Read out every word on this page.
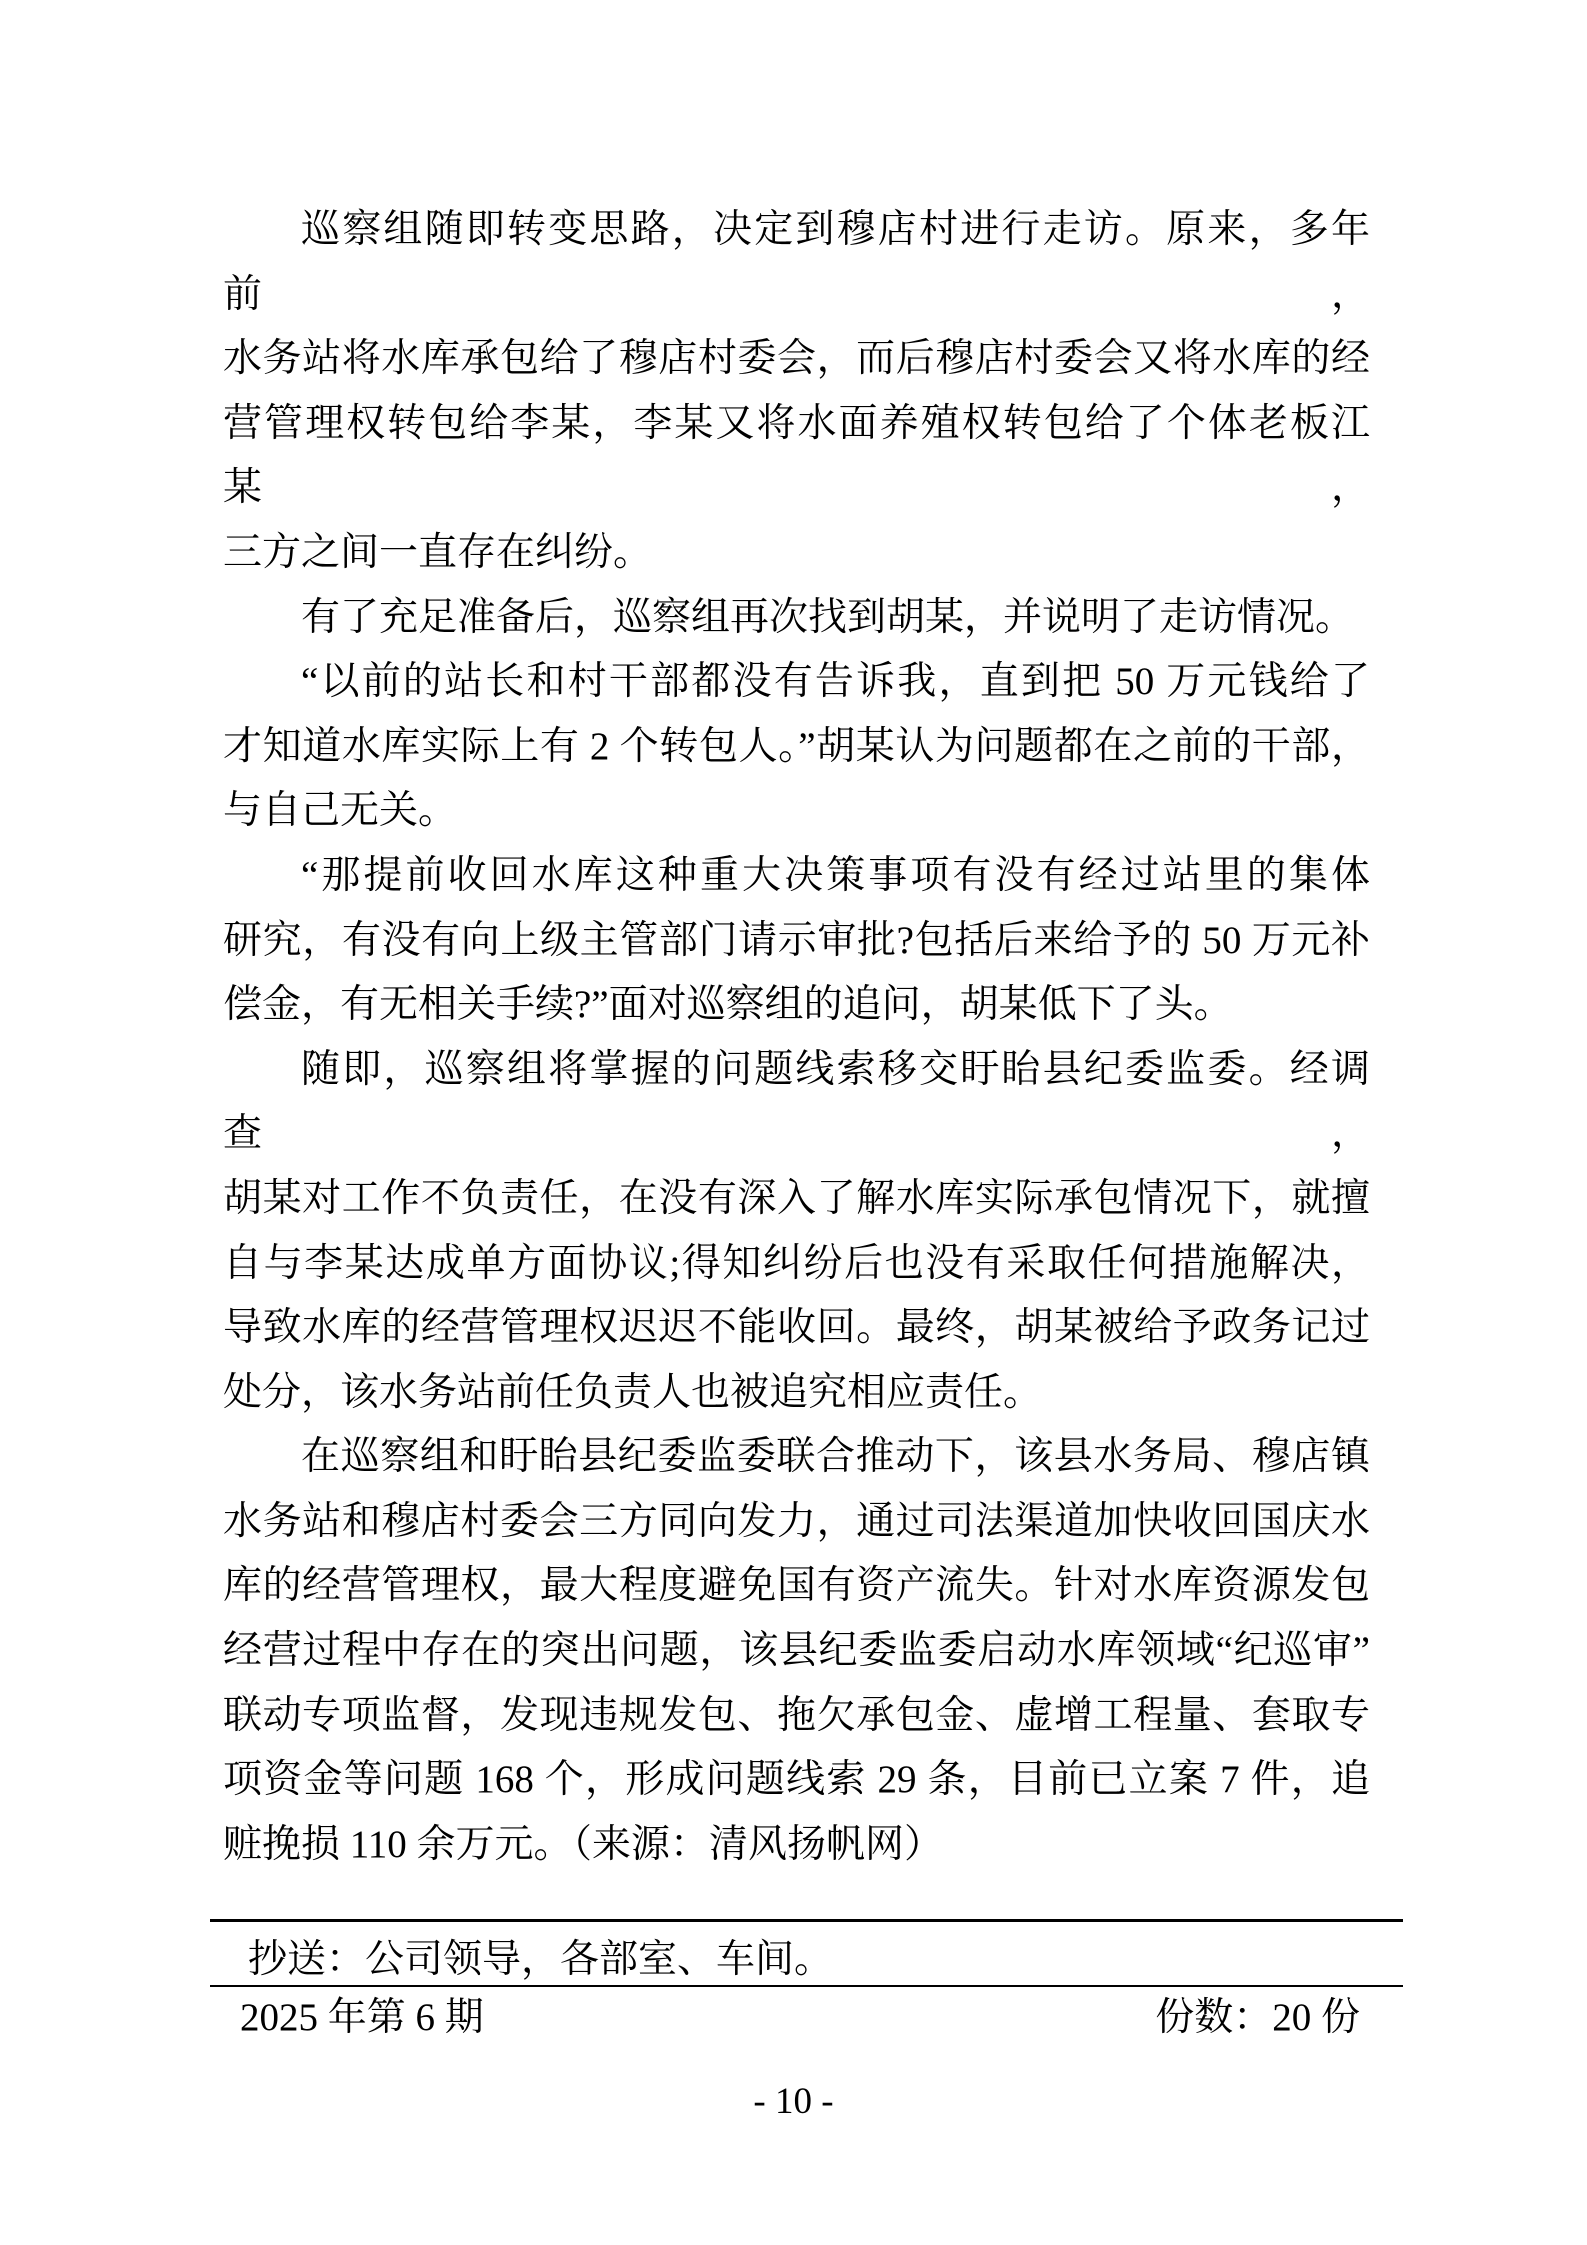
巡察组随即转变思路，决定到穆店村进行走访。原来，多年前，
水务站将水库承包给了穆店村委会，而后穆店村委会又将水库的经
营管理权转包给李某，李某又将水面养殖权转包给了个体老板江某，
三方之间一直存在纠纷。
有了充足准备后，巡察组再次找到胡某，并说明了走访情况。
“以前的站长和村干部都没有告诉我，直到把 50 万元钱给了
才知道水库实际上有 2 个转包人。”胡某认为问题都在之前的干部，
与自己无关。
“那提前收回水库这种重大决策事项有没有经过站里的集体
研究，有没有向上级主管部门请示审批?包括后来给予的 50 万元补
偿金，有无相关手续?”面对巡察组的追问，胡某低下了头。
随即，巡察组将掌握的问题线索移交盱眙县纪委监委。经调查，
胡某对工作不负责任，在没有深入了解水库实际承包情况下，就擅
自与李某达成单方面协议;得知纠纷后也没有采取任何措施解决，
导致水库的经营管理权迟迟不能收回。最终，胡某被给予政务记过
处分，该水务站前任负责人也被追究相应责任。
在巡察组和盱眙县纪委监委联合推动下，该县水务局、穆店镇
水务站和穆店村委会三方同向发力，通过司法渠道加快收回国庆水
库的经营管理权，最大程度避免国有资产流失。针对水库资源发包
经营过程中存在的突出问题，该县纪委监委启动水库领域“纪巡审”
联动专项监督，发现违规发包、拖欠承包金、虚增工程量、套取专
项资金等问题 168 个，形成问题线索 29 条，目前已立案 7 件，追
赃挽损 110 余万元。（来源：清风扬帆网）
抄送：公司领导，各部室、车间。
2025 年第 6 期	份数：20 份
- 10 -
